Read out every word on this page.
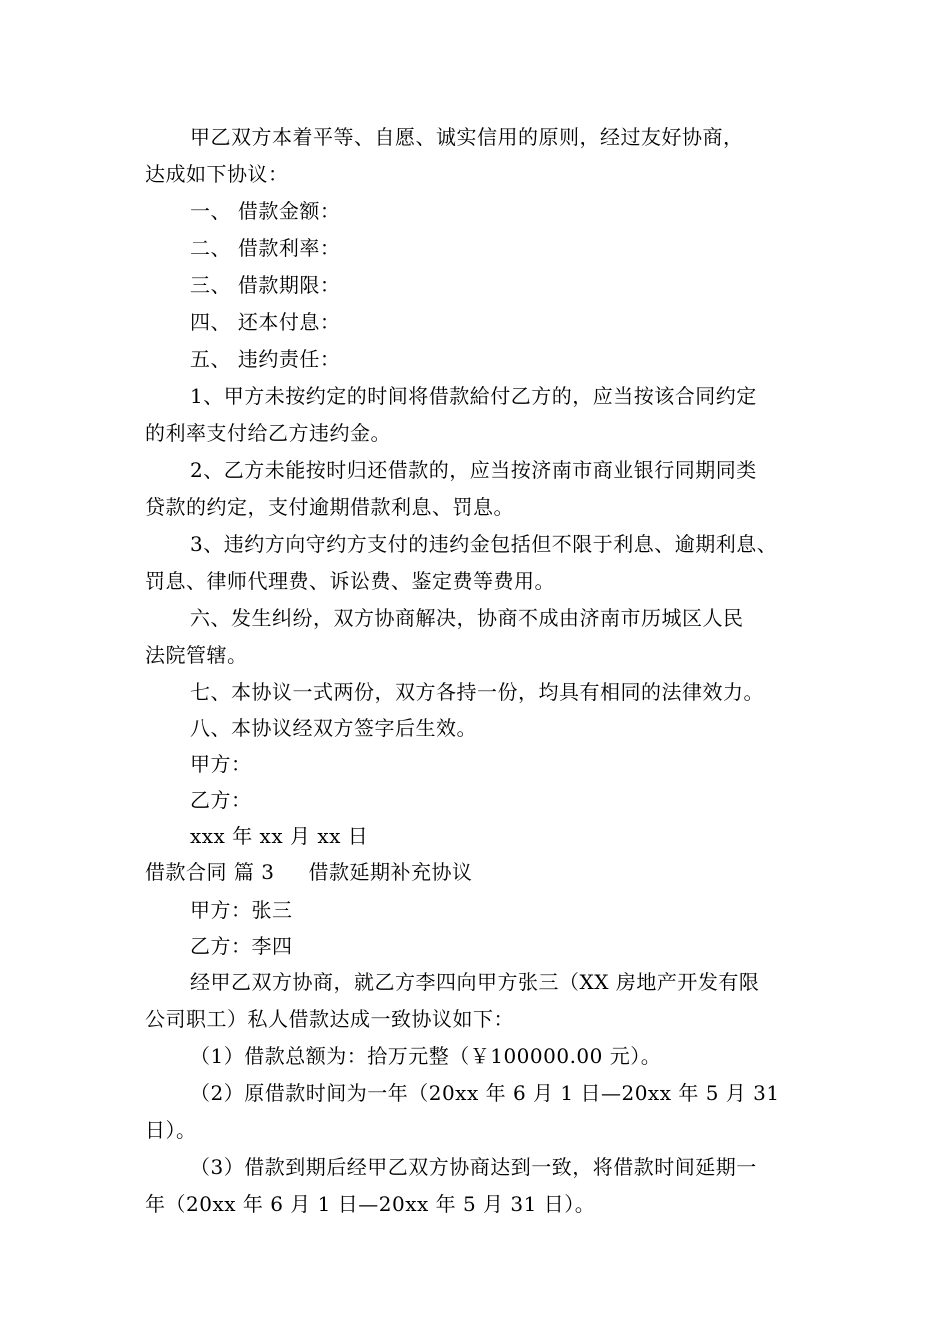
甲乙双方本着平等、自愿、诚实信用的原则，经过友好协商，
达成如下协议：
一、 借款金额：
二、 借款利率：
三、 借款期限：
四、 还本付息：
五、 违约责任：
1、甲方未按约定的时间将借款給付乙方的，应当按该合同约定
的利率支付给乙方违约金。
2、乙方未能按时归还借款的，应当按济南市商业银行同期同类
贷款的约定，支付逾期借款利息、罚息。
3、违约方向守约方支付的违约金包括但不限于利息、逾期利息、
罚息、律师代理费、诉讼费、鉴定费等费用。
六、发生纠纷，双方协商解决，协商不成由济南市历城区人民
法院管辖。
七、本协议一式两份，双方各持一份，均具有相同的法律效力。
八、本协议经双方签字后生效。
甲方：
乙方：
xxx 年 xx 月 xx 日
借款合同 篇 3 借款延期补充协议
甲方：张三
乙方：李四
经甲乙双方协商，就乙方李四向甲方张三（XX 房地产开发有限
公司职工）私人借款达成一致协议如下：
（1）借款总额为：拾万元整（￥100000.00 元）。
（2）原借款时间为一年（20xx 年 6 月 1 日—20xx 年 5 月 31
日）。
（3）借款到期后经甲乙双方协商达到一致，将借款时间延期一
年（20xx 年 6 月 1 日—20xx 年 5 月 31 日）。
